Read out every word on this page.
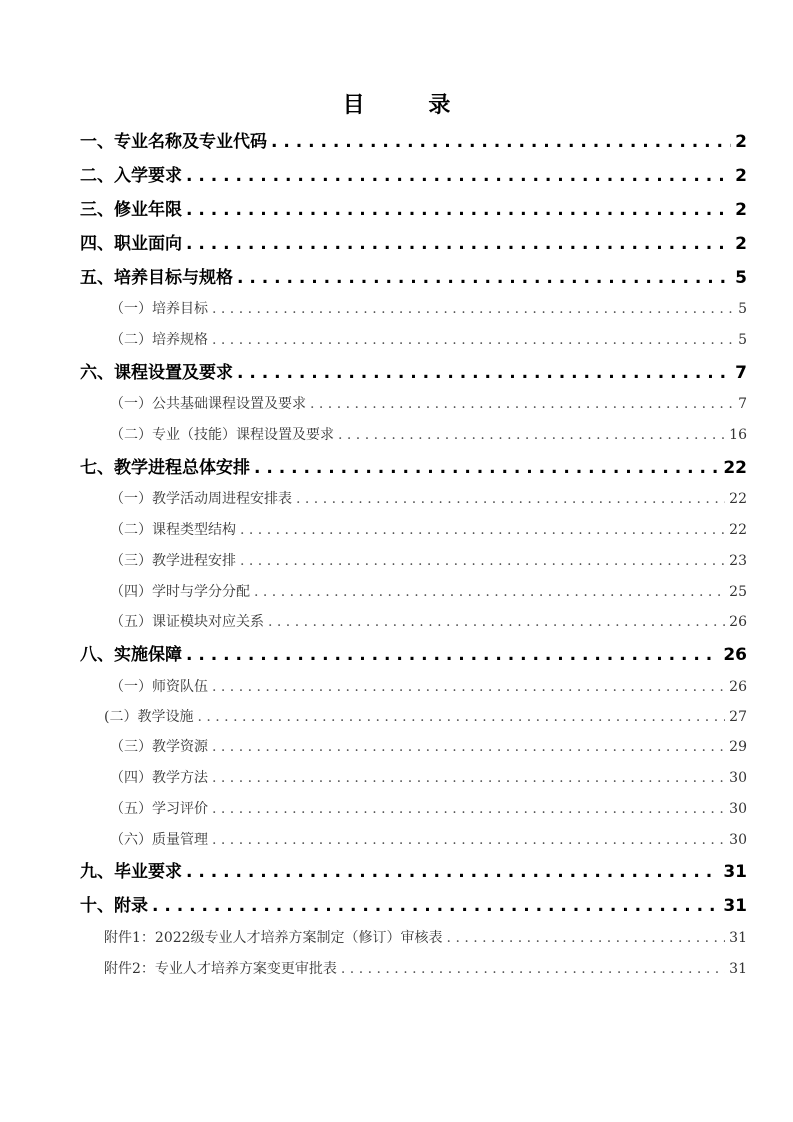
目 录
一、专业名称及专业代码 . . .	2
二、入学要求 . . .	2
三、修业年限 . . .	2
四、职业面向 . . .	2
五、培养目标与规格 . . .	5
（一）培养目标 . . .	5
（二）培养规格 . . .	5
六、课程设置及要求 . . .	7
（一）公共基础课程设置及要求 . . .	7
（二）专业（技能）课程设置及要求 . . .	16
七、教学进程总体安排 . . .	22
（一）教学活动周进程安排表 . . .	22
（二）课程类型结构 . . .	22
（三）教学进程安排 . . .	23
（四）学时与学分分配 . . .	25
（五）课证模块对应关系 . . .	26
八、实施保障 . . .	26
（一）师资队伍 . . .	26
(二）教学设施 . . .	27
（三）教学资源 . . .	29
（四）教学方法 . . .	30
（五）学习评价 . . .	30
（六）质量管理 . . .	30
九、毕业要求 . . .	31
十、附录 . . .	31
附件1：2022级专业人才培养方案制定（修订）审核表 . . .	31
附件2：专业人才培养方案变更审批表 . . .	31
